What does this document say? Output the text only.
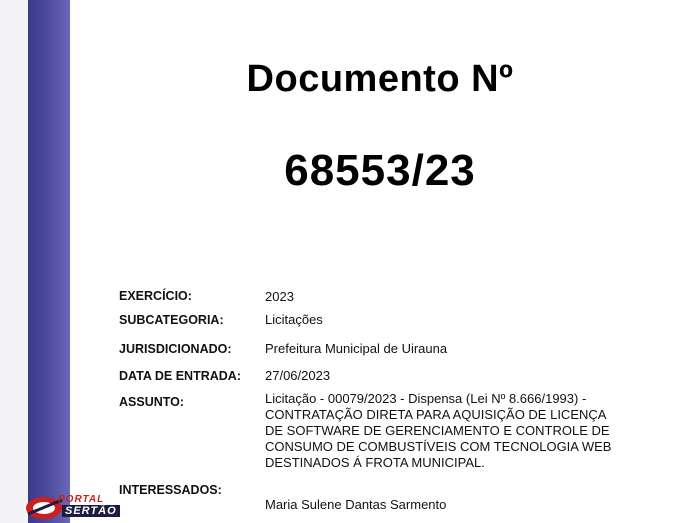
Documento Nº
68553/23
EXERCÍCIO:	2023
SUBCATEGORIA:	Licitações
JURISDICIONADO:	Prefeitura Municipal de Uirauna
DATA DE ENTRADA: 27/06/2023
ASSUNTO:	Licitação - 00079/2023 - Dispensa (Lei Nº 8.666/1993) -
CONTRATAÇÃO DIRETA PARA AQUISIÇÃO DE LICENÇA
DE SOFTWARE DE GERENCIAMENTO E CONTROLE DE
CONSUMO DE COMBUSTÍVEIS COM TECNOLOGIA WEB
DESTINADOS Á FROTA MUNICIPAL.
INTERESSADOS:
Maria Sulene Dantas Sarmento
PORTAL
SERTÃO
